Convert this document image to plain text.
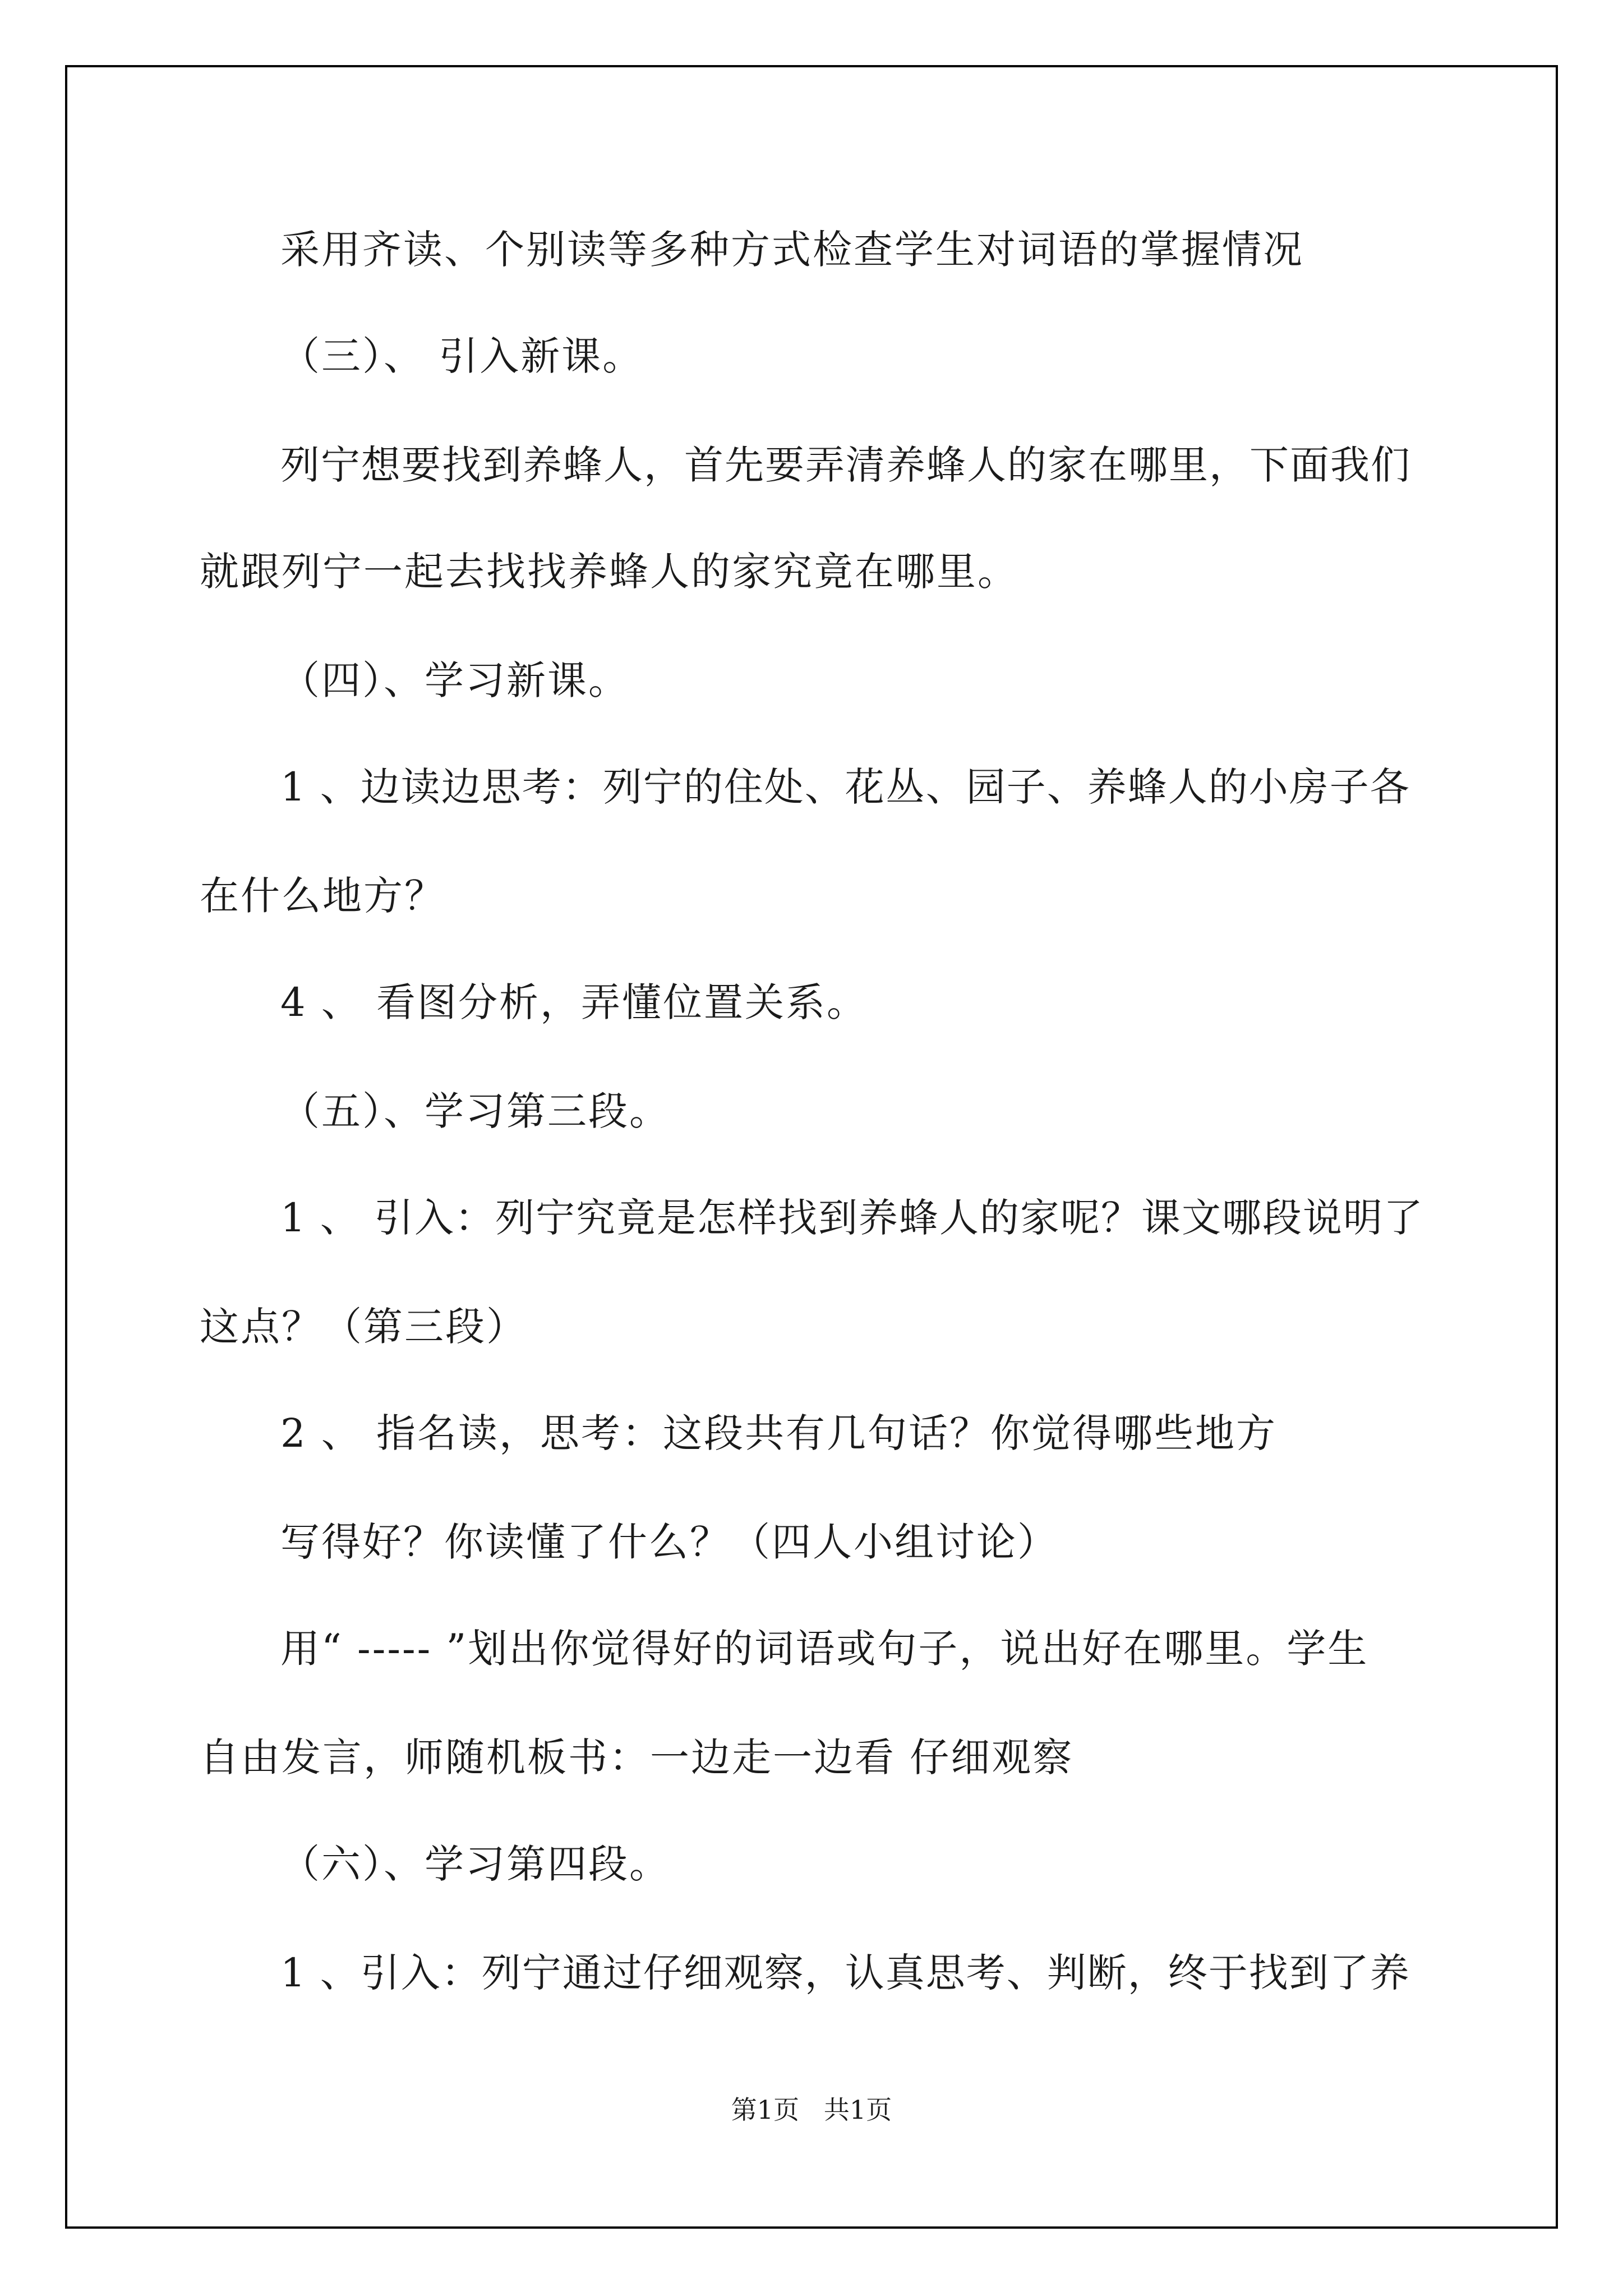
采用齐读、个别读等多种方式检查学生对词语的掌握情况
（三）、 引入新课。
列宁想要找到养蜂人，首先要弄清养蜂人的家在哪里，下面我们
就跟列宁一起去找找养蜂人的家究竟在哪里。
（四）、学习新课。
1 、边读边思考：列宁的住处、花丛、园子、养蜂人的小房子各
在什么地方？
4 、 看图分析，弄懂位置关系。
（五）、学习第三段。
1 、 引入：列宁究竟是怎样找到养蜂人的家呢？课文哪段说明了
这点？（第三段）
2 、 指名读，思考：这段共有几句话？你觉得哪些地方
写得好？你读懂了什么？（四人小组讨论）
用“ ----- ”划出你觉得好的词语或句子，说出好在哪里。学生
自由发言，师随机板书：一边走一边看 仔细观察
（六）、学习第四段。
1 、引入：列宁通过仔细观察，认真思考、判断，终于找到了养
第1页   共1页
